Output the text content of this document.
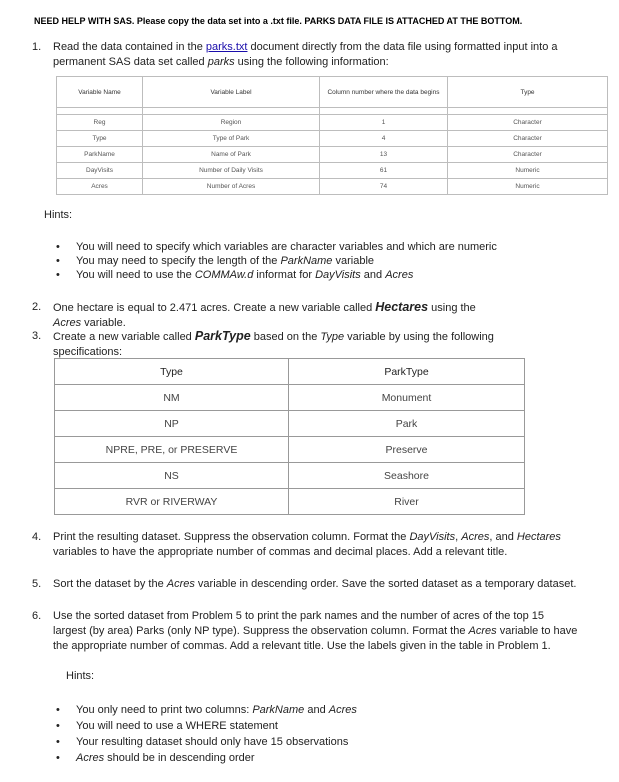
NEED HELP WITH SAS. Please copy the data set into a .txt file. PARKS DATA FILE IS ATTACHED AT THE BOTTOM.
1. Read the data contained in the parks.txt document directly from the data file using formatted input into a permanent SAS data set called parks using the following information:
Variable Name	Variable Label	Column number where the data begins	Type

Reg	Region	1	Character
Type	Type of Park	4	Character
ParkName	Name of Park	13	Character
DayVisits	Number of Daily Visits	61	Numeric
Acres	Number of Acres	74	Numeric
Hints:
• You will need to specify which variables are character variables and which are numeric
• You may need to specify the length of the ParkName variable
• You will need to use the COMMAw.d informat for DayVisits and Acres
2. One hectare is equal to 2.471 acres. Create a new variable called Hectares using the Acres variable.
3. Create a new variable called ParkType based on the Type variable by using the following specifications:
Type	ParkType
NM	Monument
NP	Park
NPRE, PRE, or PRESERVE	Preserve
NS	Seashore
RVR or RIVERWAY	River
4. Print the resulting dataset. Suppress the observation column. Format the DayVisits, Acres, and Hectares variables to have the appropriate number of commas and decimal places. Add a relevant title.
5. Sort the dataset by the Acres variable in descending order. Save the sorted dataset as a temporary dataset.
6. Use the sorted dataset from Problem 5 to print the park names and the number of acres of the top 15 largest (by area) Parks (only NP type). Suppress the observation column. Format the Acres variable to have the appropriate number of commas. Add a relevant title. Use the labels given in the table in Problem 1.
Hints:
• You only need to print two columns: ParkName and Acres
• You will need to use a WHERE statement
• Your resulting dataset should only have 15 observations
• Acres should be in descending order
